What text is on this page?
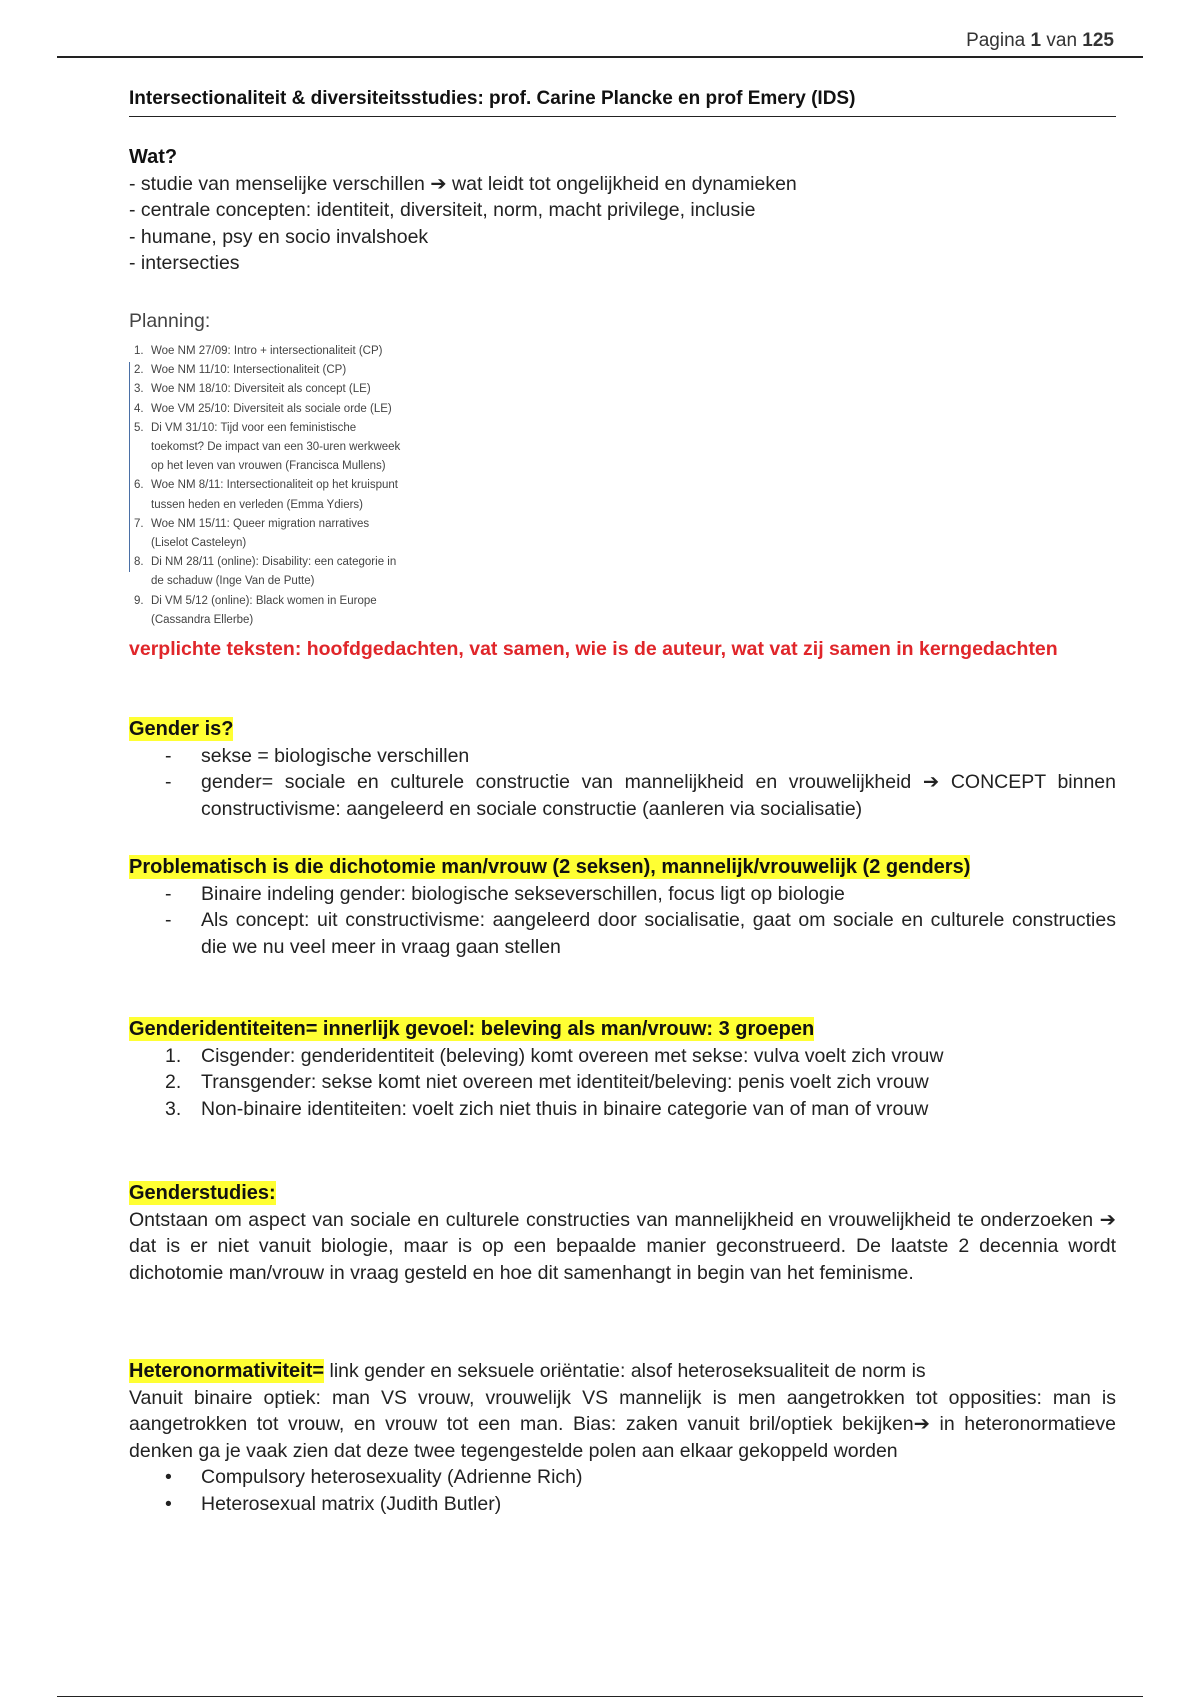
Pagina 1 van 125
Intersectionaliteit & diversiteitsstudies: prof. Carine Plancke en prof Emery (IDS)
Wat?
- studie van menselijke verschillen ➔ wat leidt tot ongelijkheid en dynamieken
- centrale concepten: identiteit, diversiteit, norm, macht privilege, inclusie
- humane, psy en socio invalshoek
- intersecties
Planning:
1. Woe NM 27/09: Intro + intersectionaliteit (CP)
2. Woe NM 11/10: Intersectionaliteit (CP)
3. Woe NM 18/10: Diversiteit als concept (LE)
4. Woe VM 25/10: Diversiteit als sociale orde (LE)
5. Di VM 31/10: Tijd voor een feministische
toekomst? De impact van een 30-uren werkweek
op het leven van vrouwen (Francisca Mullens)
6. Woe NM 8/11: Intersectionaliteit op het kruispunt
tussen heden en verleden (Emma Ydiers)
7. Woe NM 15/11: Queer migration narratives
(Liselot Casteleyn)
8. Di NM 28/11 (online): Disability: een categorie in
de schaduw (Inge Van de Putte)
9. Di VM 5/12 (online): Black women in Europe
(Cassandra Ellerbe)
verplichte teksten: hoofdgedachten, vat samen, wie is de auteur, wat vat zij samen in kerngedachten
Gender is?
- sekse = biologische verschillen
- gender= sociale en culturele constructie van mannelijkheid en vrouwelijkheid ➔ CONCEPT binnen constructivisme: aangeleerd en sociale constructie (aanleren via socialisatie)
Problematisch is die dichotomie man/vrouw (2 seksen), mannelijk/vrouwelijk (2 genders)
- Binaire indeling gender: biologische sekseverschillen, focus ligt op biologie
- Als concept: uit constructivisme: aangeleerd door socialisatie, gaat om sociale en culturele constructies die we nu veel meer in vraag gaan stellen
Genderidentiteiten= innerlijk gevoel: beleving als man/vrouw: 3 groepen
1. Cisgender: genderidentiteit (beleving) komt overeen met sekse: vulva voelt zich vrouw
2. Transgender: sekse komt niet overeen met identiteit/beleving: penis voelt zich vrouw
3. Non-binaire identiteiten: voelt zich niet thuis in binaire categorie van of man of vrouw
Genderstudies:
Ontstaan om aspect van sociale en culturele constructies van mannelijkheid en vrouwelijkheid te onderzoeken ➔ dat is er niet vanuit biologie, maar is op een bepaalde manier geconstrueerd. De laatste 2 decennia wordt dichotomie man/vrouw in vraag gesteld en hoe dit samenhangt in begin van het feminisme.
Heteronormativiteit= link gender en seksuele oriëntatie: alsof heteroseksualiteit de norm is
Vanuit binaire optiek: man VS vrouw, vrouwelijk VS mannelijk is men aangetrokken tot opposities: man is aangetrokken tot vrouw, en vrouw tot een man. Bias: zaken vanuit bril/optiek bekijken➔ in heteronormatieve denken ga je vaak zien dat deze twee tegengestelde polen aan elkaar gekoppeld worden
• Compulsory heterosexuality (Adrienne Rich)
• Heterosexual matrix (Judith Butler)
